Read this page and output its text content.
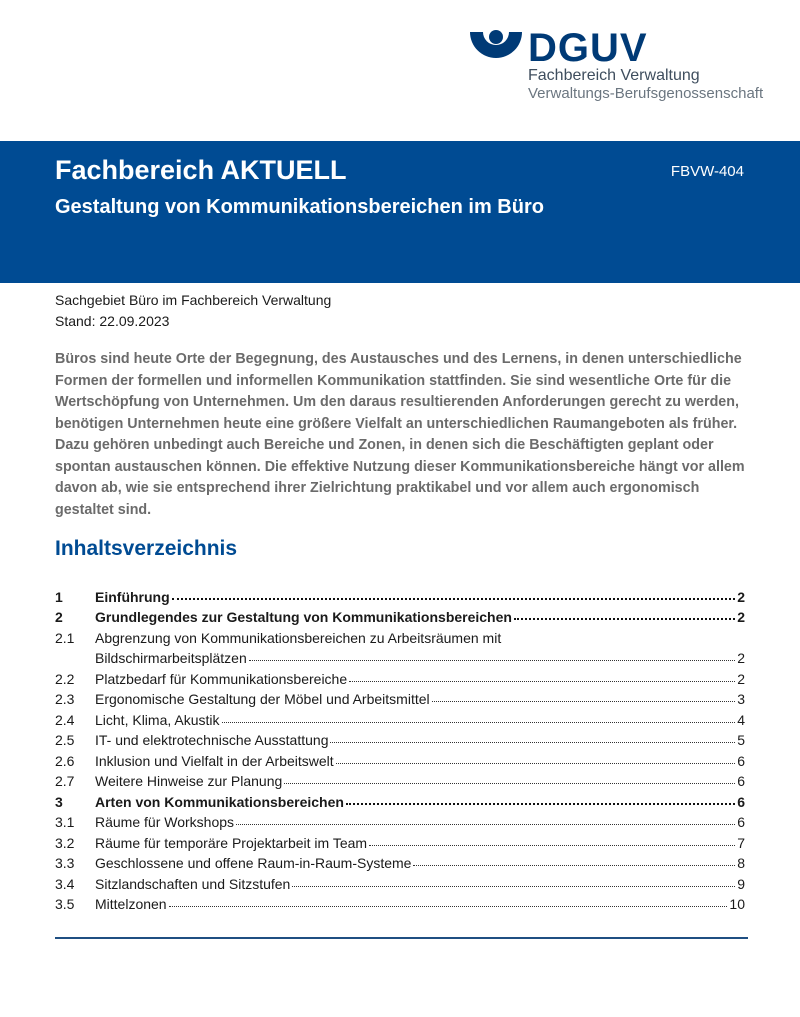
DGUV
Fachbereich Verwaltung
Verwaltungs-Berufsgenossenschaft
Fachbereich AKTUELL	FBVW-404
Gestaltung von Kommunikationsbereichen im Büro
Sachgebiet Büro im Fachbereich Verwaltung
Stand: 22.09.2023
Büros sind heute Orte der Begegnung, des Austausches und des Lernens, in denen unterschiedliche Formen der formellen und informellen Kommunikation stattfinden. Sie sind wesentliche Orte für die Wertschöpfung von Unternehmen. Um den daraus resultierenden Anforderungen gerecht zu werden, benötigen Unternehmen heute eine größere Vielfalt an unterschiedlichen Raumangeboten als früher. Dazu gehören unbedingt auch Bereiche und Zonen, in denen sich die Beschäftigten geplant oder spontan austauschen können. Die effektive Nutzung dieser Kommunikationsbereiche hängt vor allem davon ab, wie sie entsprechend ihrer Zielrichtung praktikabel und vor allem auch ergonomisch gestaltet sind.
Inhaltsverzeichnis
1	Einführung	2
2	Grundlegendes zur Gestaltung von Kommunikationsbereichen	2
2.1	Abgrenzung von Kommunikationsbereichen zu Arbeitsräumen mit
Bildschirmarbeitsplätzen	2
2.2	Platzbedarf für Kommunikationsbereiche	2
2.3	Ergonomische Gestaltung der Möbel und Arbeitsmittel	3
2.4	Licht, Klima, Akustik	4
2.5	IT- und elektrotechnische Ausstattung	5
2.6	Inklusion und Vielfalt in der Arbeitswelt	6
2.7	Weitere Hinweise zur Planung	6
3	Arten von Kommunikationsbereichen	6
3.1	Räume für Workshops	6
3.2	Räume für temporäre Projektarbeit im Team	7
3.3	Geschlossene und offene Raum-in-Raum-Systeme	8
3.4	Sitzlandschaften und Sitzstufen	9
3.5	Mittelzonen	10
